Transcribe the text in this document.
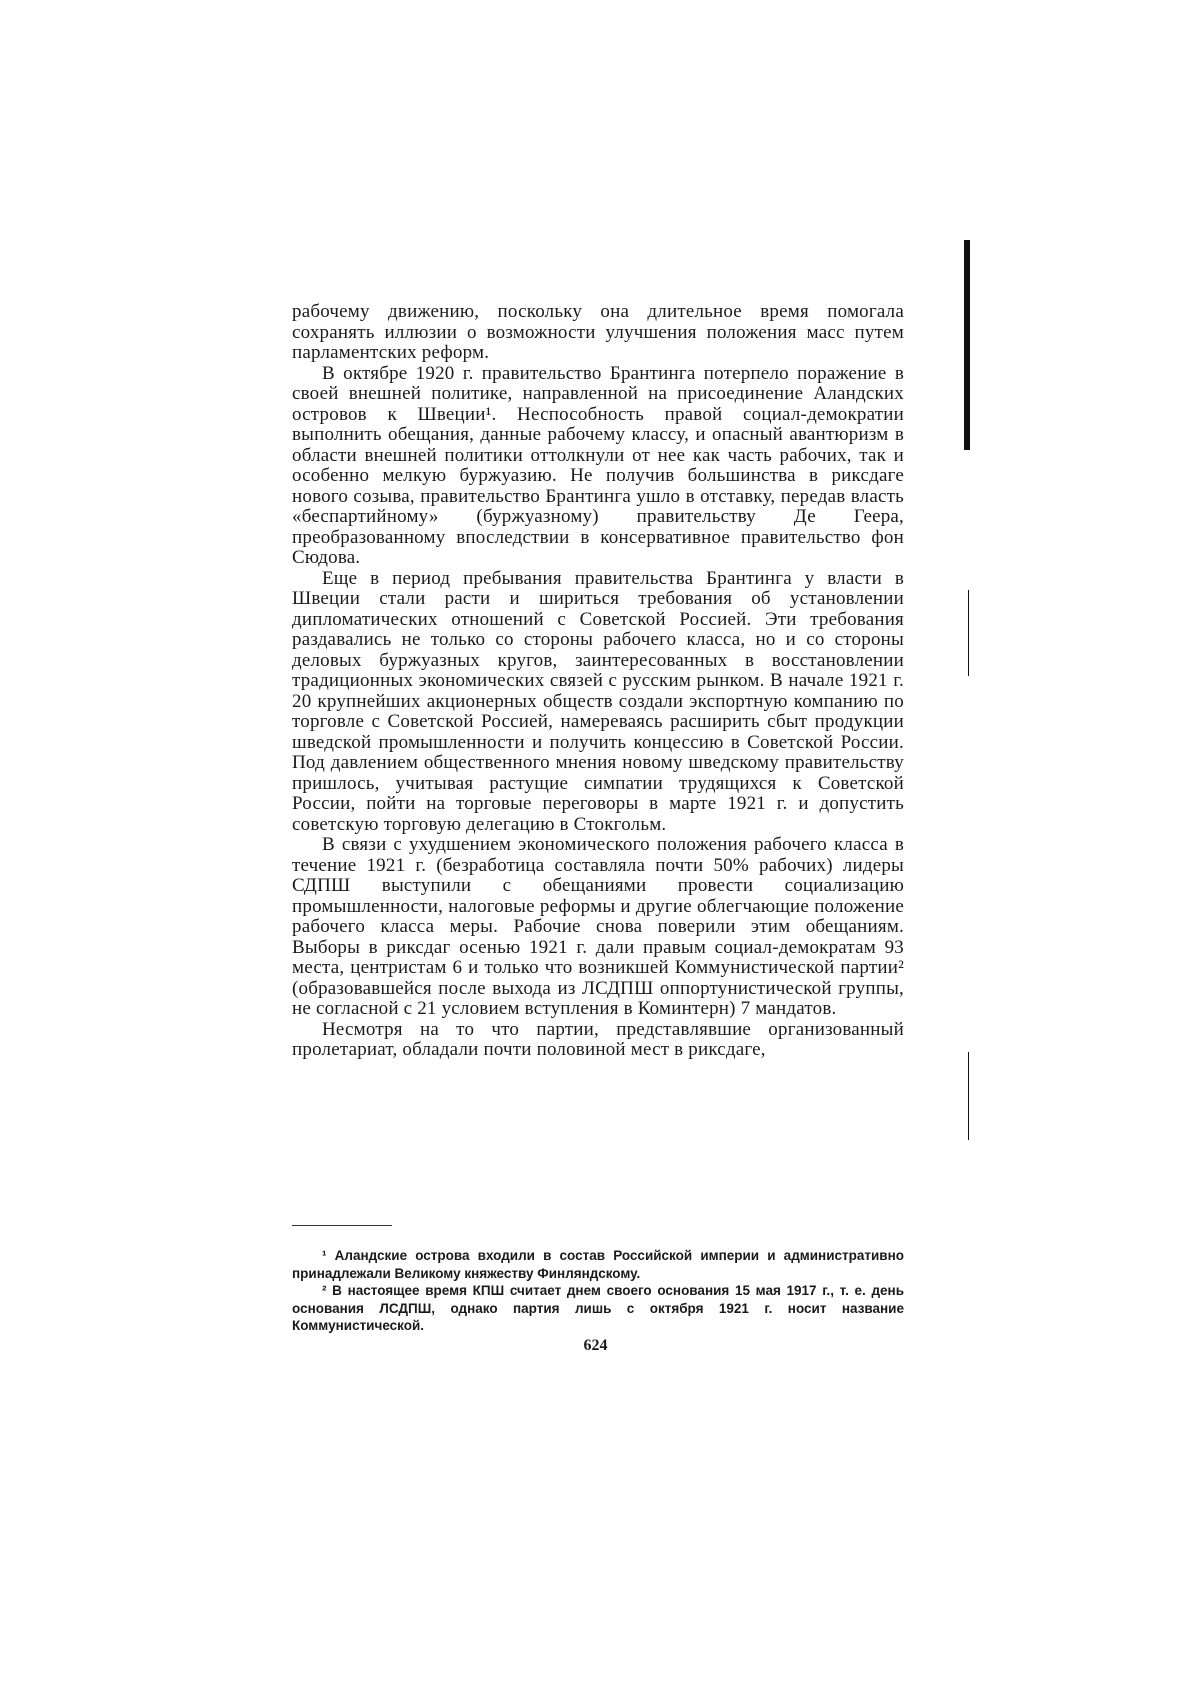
рабочему движению, поскольку она длительное время помогала сохранять иллюзии о возможности улучшения положения масс путем парламентских реформ.

В октябре 1920 г. правительство Брантинга потерпело поражение в своей внешней политике, направленной на присоединение Аландских островов к Швеции¹. Неспособность правой социал-демократии выполнить обещания, данные рабочему классу, и опасный авантюризм в области внешней политики оттолкнули от нее как часть рабочих, так и особенно мелкую буржуазию. Не получив большинства в риксдаге нового созыва, правительство Брантинга ушло в отставку, передав власть «беспартийному» (буржуазному) правительству Де Геера, преобразованному впоследствии в консервативное правительство фон Сюдова.

Еще в период пребывания правительства Брантинга у власти в Швеции стали расти и шириться требования об установлении дипломатических отношений с Советской Россией. Эти требования раздавались не только со стороны рабочего класса, но и со стороны деловых буржуазных кругов, заинтересованных в восстановлении традиционных экономических связей с русским рынком. В начале 1921 г. 20 крупнейших акционерных обществ создали экспортную компанию по торговле с Советской Россией, намереваясь расширить сбыт продукции шведской промышленности и получить концессию в Советской России. Под давлением общественного мнения новому шведскому правительству пришлось, учитывая растущие симпатии трудящихся к Советской России, пойти на торговые переговоры в марте 1921 г. и допустить советскую торговую делегацию в Стокгольм.

В связи с ухудшением экономического положения рабочего класса в течение 1921 г. (безработица составляла почти 50% рабочих) лидеры СДПШ выступили с обещаниями провести социализацию промышленности, налоговые реформы и другие облегчающие положение рабочего класса меры. Рабочие снова поверили этим обещаниям. Выборы в риксдаг осенью 1921 г. дали правым социал-демократам 93 места, центристам 6 и только что возникшей Коммунистической партии² (образовавшейся после выхода из ЛСДПШ оппортунистической группы, не согласной с 21 условием вступления в Коминтерн) 7 мандатов.

Несмотря на то что партии, представлявшие организованный пролетариат, обладали почти половиной мест в риксдаге,

¹ Аландские острова входили в состав Российской империи и административно принадлежали Великому княжеству Финляндскому.

² В настоящее время КПШ считает днем своего основания 15 мая 1917 г., т. е. день основания ЛСДПШ, однако партия лишь с октября 1921 г. носит название Коммунистической.

624
